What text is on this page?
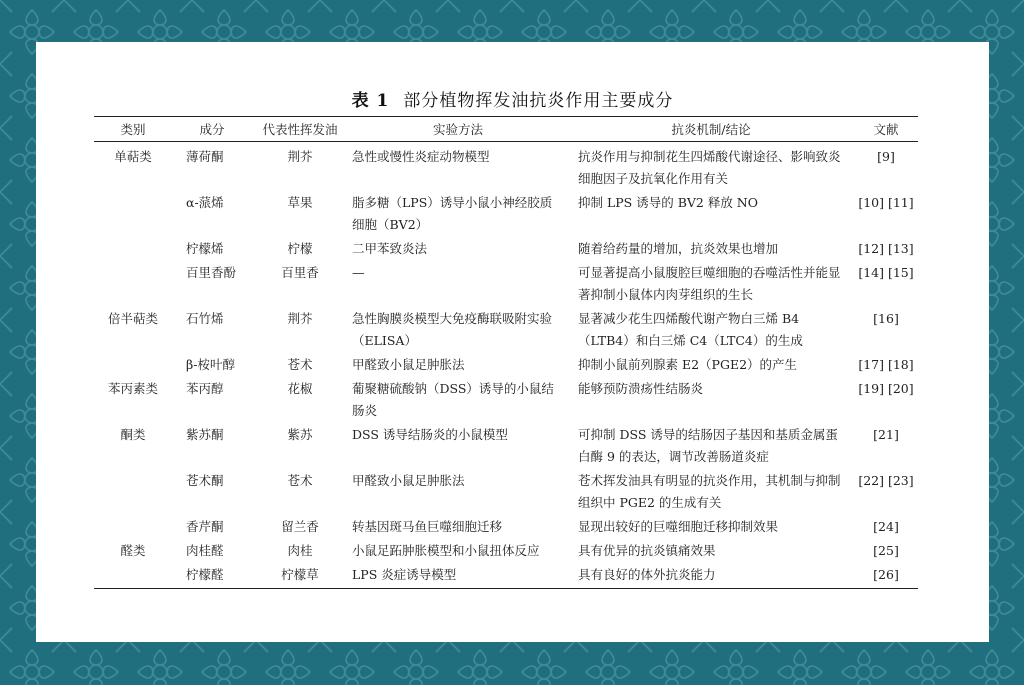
表 1 部分植物挥发油抗炎作用主要成分
类别	成分	代表性挥发油	实验方法	抗炎机制/结论	文献
单萜类	薄荷酮	荆芥	急性或慢性炎症动物模型	抗炎作用与抑制花生四烯酸代谢途径、影响致炎细胞因子及抗氧化作用有关	[9]
	α-蒎烯	草果	脂多糖（LPS）诱导小鼠小神经胶质细胞（BV2）	抑制 LPS 诱导的 BV2 释放 NO	[10] [11]
	柠檬烯	柠檬	二甲苯致炎法	随着给药量的增加，抗炎效果也增加	[12] [13]
	百里香酚	百里香	—	可显著提高小鼠腹腔巨噬细胞的吞噬活性并能显著抑制小鼠体内肉芽组织的生长	[14] [15]
倍半萜类	石竹烯	荆芥	急性胸膜炎模型大免疫酶联吸附实验（ELISA）	显著减少花生四烯酸代谢产物白三烯 B4（LTB4）和白三烯 C4（LTC4）的生成	[16]
	β-桉叶醇	苍术	甲醛致小鼠足肿胀法	抑制小鼠前列腺素 E2（PGE2）的产生	[17] [18]
苯丙素类	苯丙醇	花椒	葡聚糖硫酸钠（DSS）诱导的小鼠结肠炎	能够预防溃疡性结肠炎	[19] [20]
酮类	紫苏酮	紫苏	DSS 诱导结肠炎的小鼠模型	可抑制 DSS 诱导的结肠因子基因和基质金属蛋白酶 9 的表达，调节改善肠道炎症	[21]
	苍术酮	苍术	甲醛致小鼠足肿胀法	苍术挥发油具有明显的抗炎作用，其机制与抑制组织中 PGE2 的生成有关	[22] [23]
	香芹酮	留兰香	转基因斑马鱼巨噬细胞迁移	显现出较好的巨噬细胞迁移抑制效果	[24]
醛类	肉桂醛	肉桂	小鼠足跖肿胀模型和小鼠扭体反应	具有优异的抗炎镇痛效果	[25]
	柠檬醛	柠檬草	LPS 炎症诱导模型	具有良好的体外抗炎能力	[26]
